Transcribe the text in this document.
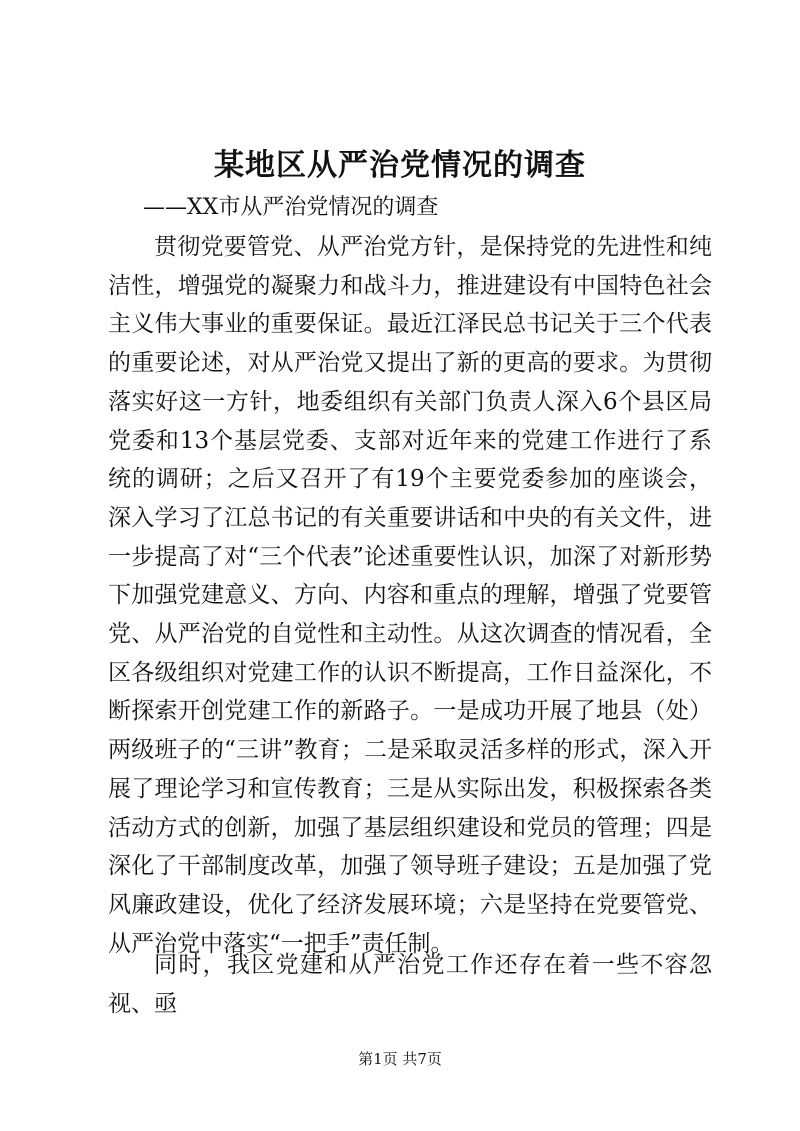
某地区从严治党情况的调查

——XX市从严治党情况的调查

贯彻党要管党、从严治党方针，是保持党的先进性和纯洁性，增强党的凝聚力和战斗力，推进建设有中国特色社会主义伟大事业的重要保证。最近江泽民总书记关于三个代表的重要论述，对从严治党又提出了新的更高的要求。为贯彻落实好这一方针，地委组织有关部门负责人深入6个县区局党委和13个基层党委、支部对近年来的党建工作进行了系统的调研；之后又召开了有19个主要党委参加的座谈会，深入学习了江总书记的有关重要讲话和中央的有关文件，进一步提高了对“三个代表”论述重要性认识，加深了对新形势下加强党建意义、方向、内容和重点的理解，增强了党要管党、从严治党的自觉性和主动性。从这次调查的情况看，全区各级组织对党建工作的认识不断提高，工作日益深化，不断探索开创党建工作的新路子。一是成功开展了地县（处）两级班子的“三讲”教育；二是采取灵活多样的形式，深入开展了理论学习和宣传教育；三是从实际出发，积极探索各类活动方式的创新，加强了基层组织建设和党员的管理；四是深化了干部制度改革，加强了领导班子建设；五是加强了党风廉政建设，优化了经济发展环境；六是坚持在党要管党、从严治党中落实“一把手”责任制。

同时，我区党建和从严治党工作还存在着一些不容忽视、亟

第1页 共7页
